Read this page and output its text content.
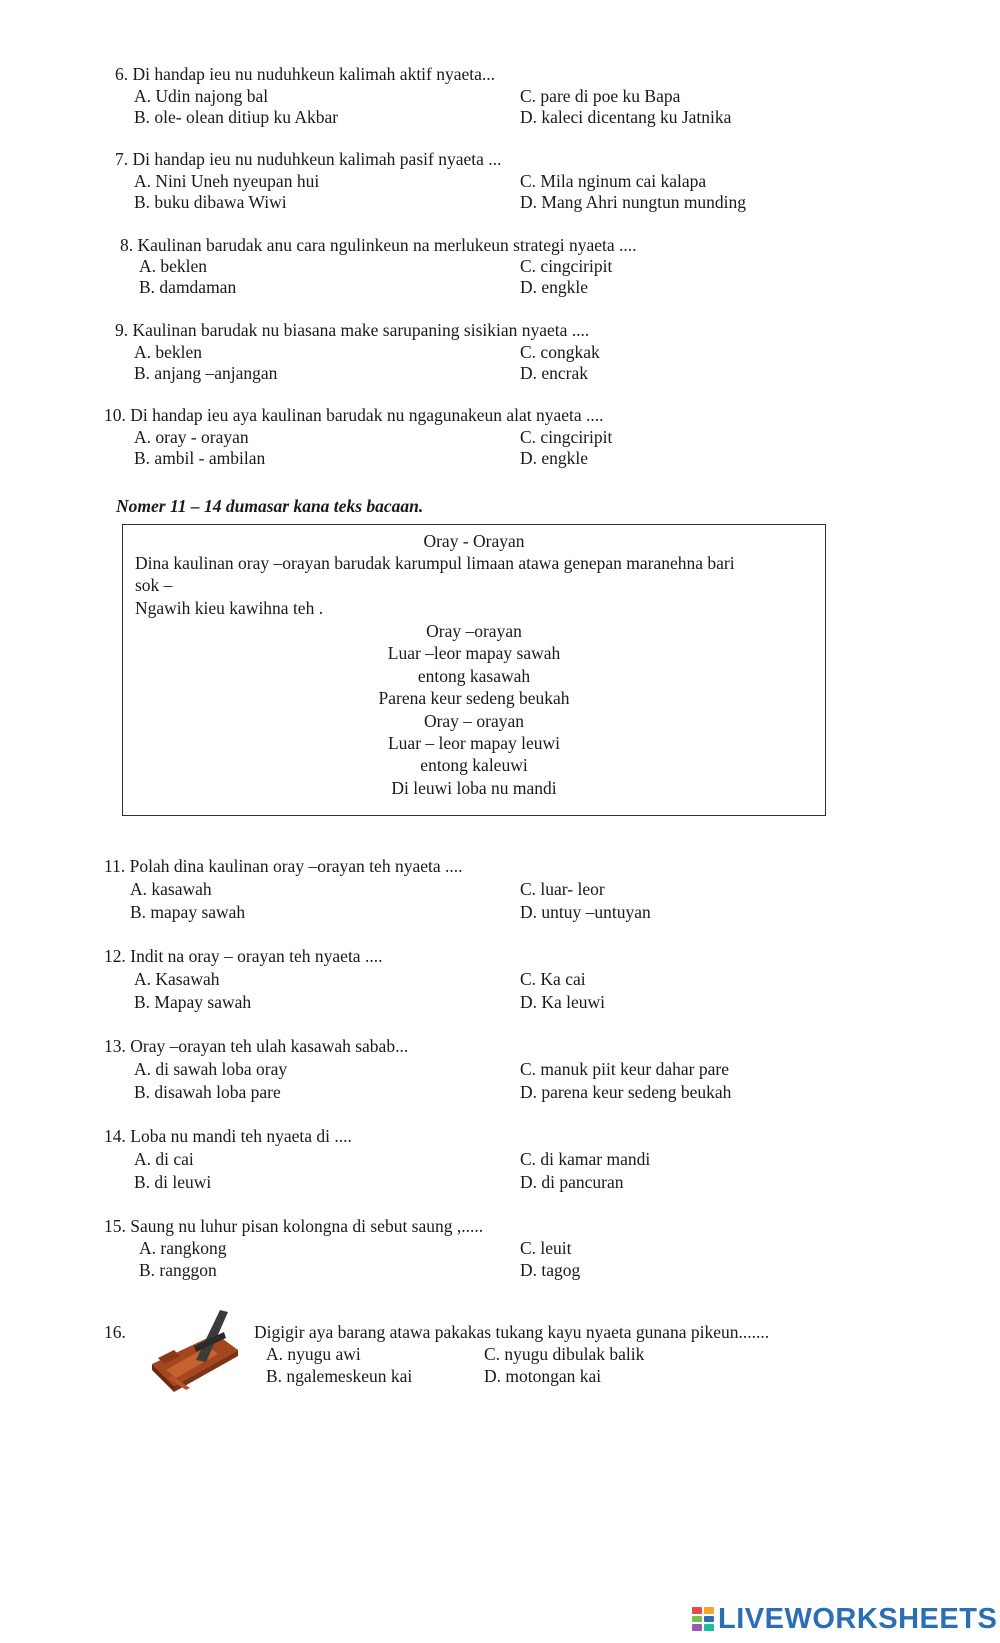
6. Di handap ieu nu nuduhkeun kalimah aktif nyaeta...
A. Udin najong bal
B. ole- olean ditiup ku Akbar
C. pare di poe ku Bapa
D. kaleci dicentang ku Jatnika
7. Di handap ieu nu nuduhkeun kalimah pasif nyaeta ...
A. Nini Uneh nyeupan hui
B. buku dibawa Wiwi
C. Mila nginum cai kalapa
D. Mang Ahri nungtun munding
8. Kaulinan barudak anu cara ngulinkeun na merlukeun strategi nyaeta ....
A. beklen
B. damdaman
C. cingciripit
D. engkle
9. Kaulinan barudak nu biasana make sarupaning sisikian nyaeta ....
A. beklen
B. anjang –anjangan
C. congkak
D. encrak
10. Di handap ieu aya kaulinan barudak nu ngagunakeun alat nyaeta ....
A. oray - orayan
B. ambil - ambilan
C. cingciripit
D. engkle
Nomer 11 – 14 dumasar kana teks bacaan.
Oray - Orayan
Dina kaulinan oray –orayan barudak karumpul limaan atawa genepan maranehna bari
sok –
Ngawih kieu kawihna teh .
Oray –orayan
Luar –leor mapay sawah
entong kasawah
Parena keur sedeng beukah
Oray – orayan
Luar – leor mapay leuwi
entong kaleuwi
Di leuwi loba nu mandi
11. Polah dina kaulinan oray –orayan teh nyaeta ....
A. kasawah
B. mapay sawah
C. luar- leor
D. untuy –untuyan
12. Indit na oray – orayan teh nyaeta ....
A. Kasawah
B. Mapay sawah
C. Ka cai
D. Ka leuwi
13. Oray –orayan teh ulah kasawah sabab...
A. di sawah loba oray
B. disawah loba pare
C. manuk piit keur dahar pare
D. parena keur sedeng beukah
14. Loba nu mandi teh nyaeta di ....
A. di cai
B. di leuwi
C. di kamar mandi
D. di pancuran
15. Saung nu luhur pisan kolongna di sebut saung ,.....
A. rangkong
B. ranggon
C. leuit
D. tagog
16.	Digigir aya barang atawa pakakas tukang kayu nyaeta gunana pikeun.......
A. nyugu awi
B. ngalemeskeun kai
C. nyugu dibulak balik
D. motongan kai
LIVEWORKSHEETS
